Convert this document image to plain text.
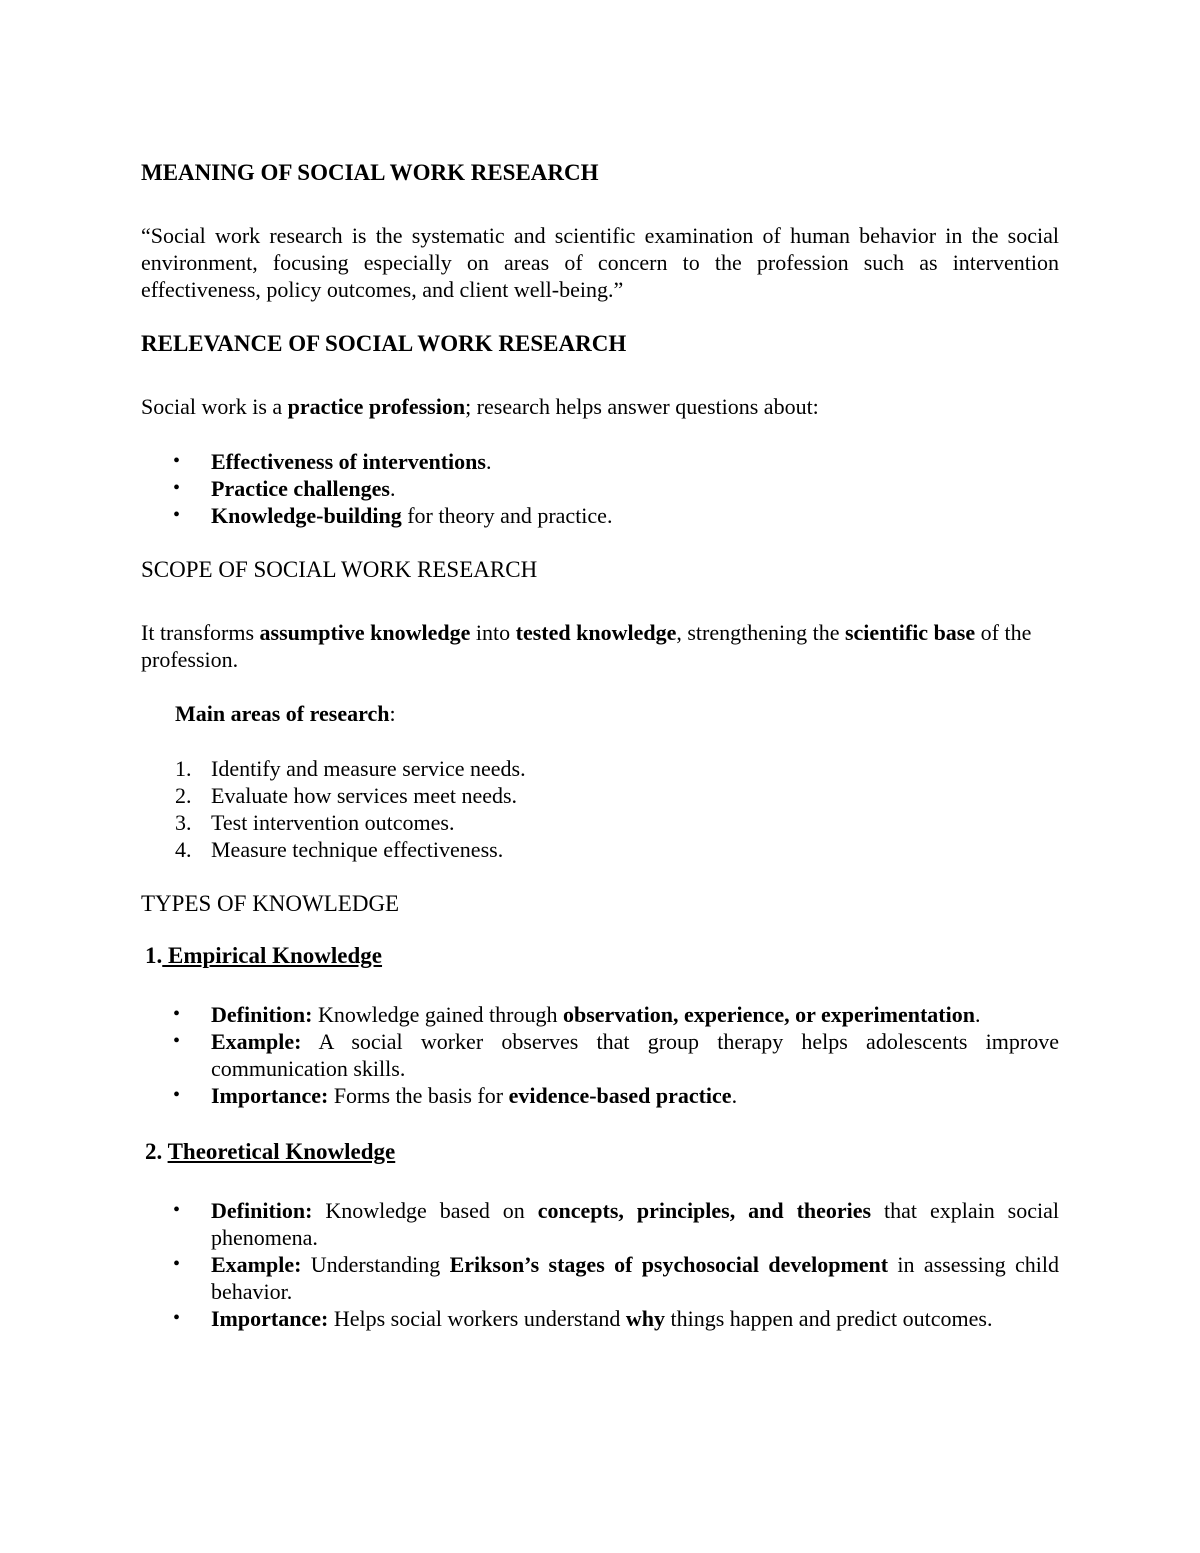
MEANING OF SOCIAL WORK RESEARCH

“Social work research is the systematic and scientific examination of human behavior in the social environment, focusing especially on areas of concern to the profession such as intervention effectiveness, policy outcomes, and client well-being.”

RELEVANCE OF SOCIAL WORK RESEARCH

Social work is a practice profession; research helps answer questions about:

• Effectiveness of interventions.
• Practice challenges.
• Knowledge-building for theory and practice.
SCOPE OF SOCIAL WORK RESEARCH

It transforms assumptive knowledge into tested knowledge, strengthening the scientific base of the profession.

Main areas of research:

1. Identify and measure service needs.
2. Evaluate how services meet needs.
3. Test intervention outcomes.
4. Measure technique effectiveness.
TYPES OF KNOWLEDGE
1. Empirical Knowledge
• Definition: Knowledge gained through observation, experience, or experimentation.
• Example: A social worker observes that group therapy helps adolescents improve communication skills.
• Importance: Forms the basis for evidence-based practice.
2. Theoretical Knowledge
• Definition: Knowledge based on concepts, principles, and theories that explain social phenomena.
• Example: Understanding Erikson’s stages of psychosocial development in assessing child behavior.
• Importance: Helps social workers understand why things happen and predict outcomes.
